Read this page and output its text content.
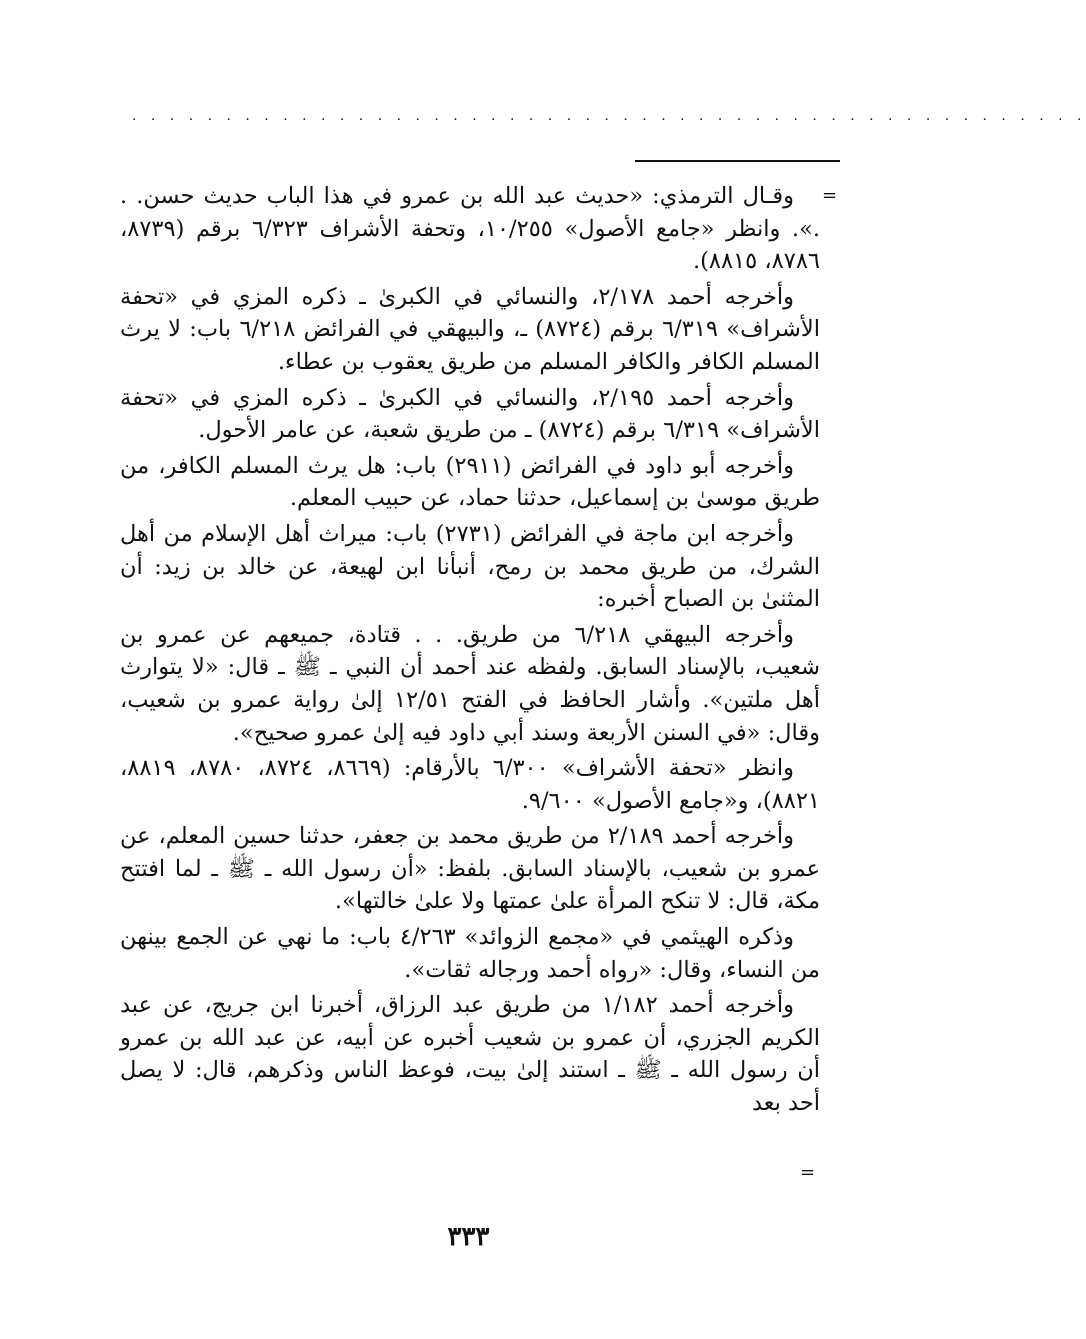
· · · · · · · · · · · · · · · · · · · · · · · · · · · · · · · · · · · · · · · · · · · · · · · · · · ·
=

وقـال الترمذي: «حديث عبد الله بن عمرو في هذا الباب حديث حسن. . .». وانظر «جامع الأصول» ١٠/٢٥٥، وتحفة الأشراف ٦/٣٢٣ برقم (٨٧٣٩، ٨٧٨٦، ٨٨١٥).

وأخرجه أحمد ٢/١٧٨، والنسائي في الكبرىٰ ـ ذكره المزي في «تحفة الأشراف» ٦/٣١٩ برقم (٨٧٢٤) ـ، والبيهقي في الفرائض ٦/٢١٨ باب: لا يرث المسلم الكافر والكافر المسلم من طريق يعقوب بن عطاء.

وأخرجه أحمد ٢/١٩٥، والنسائي في الكبرىٰ ـ ذكره المزي في «تحفة الأشراف» ٦/٣١٩ برقم (٨٧٢٤) ـ من طريق شعبة، عن عامر الأحول.

وأخرجه أبو داود في الفرائض (٢٩١١) باب: هل يرث المسلم الكافر، من طريق موسىٰ بن إسماعيل، حدثنا حماد، عن حبيب المعلم.

وأخرجه ابن ماجة في الفرائض (٢٧٣١) باب: ميراث أهل الإسلام من أهل الشرك، من طريق محمد بن رمح، أنبأنا ابن لهيعة، عن خالد بن زيد: أن المثنىٰ بن الصباح أخبره:

وأخرجه البيهقي ٦/٢١٨ من طريق. . . قتادة، جميعهم عن عمرو بن شعيب، بالإسناد السابق. ولفظه عند أحمد أن النبي ـ ﷺ ـ قال: «لا يتوارث أهل ملتين». وأشار الحافظ في الفتح ١٢/٥١ إلىٰ رواية عمرو بن شعيب، وقال: «في السنن الأربعة وسند أبي داود فيه إلىٰ عمرو صحيح».

وانظر «تحفة الأشراف» ٦/٣٠٠ بالأرقام: (٨٦٦٩، ٨٧٢٤، ٨٧٨٠، ٨٨١٩، ٨٨٢١)، و«جامع الأصول» ٩/٦٠٠.

وأخرجه أحمد ٢/١٨٩ من طريق محمد بن جعفر، حدثنا حسين المعلم، عن عمرو بن شعيب، بالإسناد السابق. بلفظ: «أن رسول الله ـ ﷺ ـ لما افتتح مكة، قال: لا تنكح المرأة علىٰ عمتها ولا علىٰ خالتها».

وذكره الهيثمي في «مجمع الزوائد» ٤/٢٦٣ باب: ما نهي عن الجمع بينهن من النساء، وقال: «رواه أحمد ورجاله ثقات».

وأخرجه أحمد ١/١٨٢ من طريق عبد الرزاق، أخبرنا ابن جريج، عن عبد الكريم الجزري، أن عمرو بن شعيب أخبره عن أبيه، عن عبد الله بن عمرو أن رسول الله ـ ﷺ ـ استند إلىٰ بيت، فوعظ الناس وذكرهم، قال: لا يصل أحد بعد

=
٣٣٣
